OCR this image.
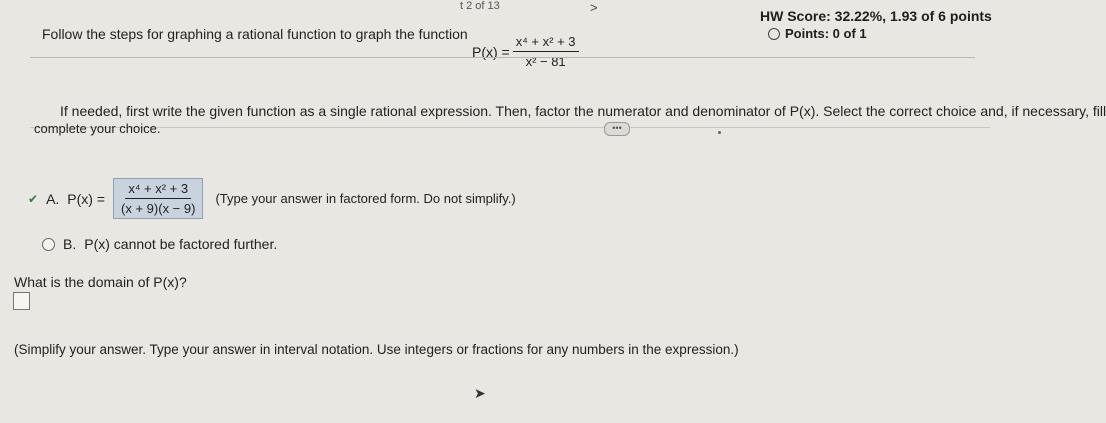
t 2 of 13	>
HW Score: 32.22%, 1.93 of 6 points
Points: 0 of 1
Follow the steps for graphing a rational function to graph the function
$P(x) = \frac{\text{x⁴ + x² + 3}}{\text{x² − 81}}$
•••
If needed, first write the given function as a single rational expression. Then, factor the numerator and denominator of P(x). Select the correct choice and, if necessary, fill
complete your choice.
✔ A. $P(x) = \frac{\text{x⁴ + x² + 3}}{(x + 9)(x - 9)}$ (Type your answer in factored form. Do not simplify.)
B. P(x) cannot be factored further.
What is the domain of P(x)?
(Simplify your answer. Type your answer in interval notation. Use integers or fractions for any numbers in the expression.)
➤
